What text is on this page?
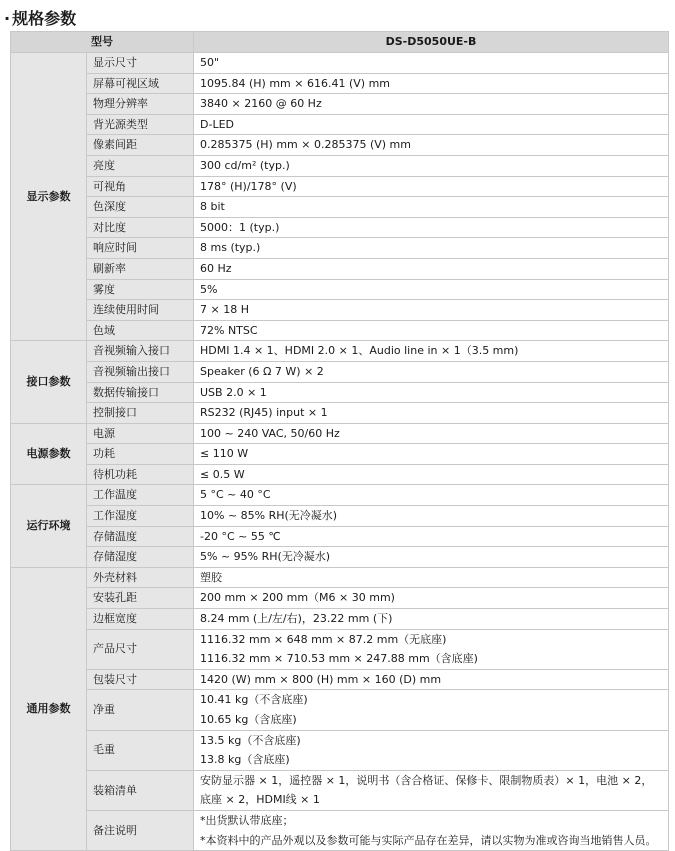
· 规格参数
型号		DS-D5050UE-B
显示参数	显示尺寸	50"
	屏幕可视区域	1095.84 (H) mm × 616.41 (V) mm
	物理分辨率	3840 × 2160 @ 60 Hz
	背光源类型	D-LED
	像素间距	0.285375 (H) mm × 0.285375 (V) mm
	亮度	300 cd/m² (typ.)
	可视角	178° (H)/178° (V)
	色深度	8 bit
	对比度	5000：1 (typ.)
	响应时间	8 ms (typ.)
	刷新率	60 Hz
	雾度	5%
	连续使用时间	7 × 18 H
	色域	72% NTSC
接口参数	音视频输入接口	HDMI 1.4 × 1、HDMI 2.0 × 1、Audio line in × 1（3.5 mm)
	音视频输出接口	Speaker (6 Ω 7 W) × 2
	数据传输接口	USB 2.0 × 1
	控制接口	RS232 (RJ45) input × 1
电源参数	电源	100 ~ 240 VAC, 50/60 Hz
	功耗	≤ 110 W
	待机功耗	≤ 0.5 W
运行环境	工作温度	5 °C ~ 40 °C
	工作湿度	10% ~ 85% RH(无冷凝水)
	存储温度	-20 °C ~ 55 ℃
	存储湿度	5% ~ 95% RH(无冷凝水)
通用参数	外壳材料	塑胶
	安装孔距	200 mm × 200 mm（M6 × 30 mm)
	边框宽度	8.24 mm (上/左/右)，23.22 mm (下)
	产品尺寸	1116.32 mm × 648 mm × 87.2 mm（无底座)
1116.32 mm × 710.53 mm × 247.88 mm（含底座)

	包装尺寸	1420 (W) mm × 800 (H) mm × 160 (D) mm
	净重	10.41 kg（不含底座)
10.65 kg（含底座)

	毛重	13.5 kg（不含底座)
13.8 kg（含底座)

	装箱清单	安防显示器 × 1，遥控器 × 1，说明书（含合格证、保修卡、限制物质表）× 1，电池 × 2，底座 × 2，HDMI线 × 1
	备注说明	*出货默认带底座；
*本资料中的产品外观以及参数可能与实际产品存在差异，请以实物为准或咨询当地销售人员。
